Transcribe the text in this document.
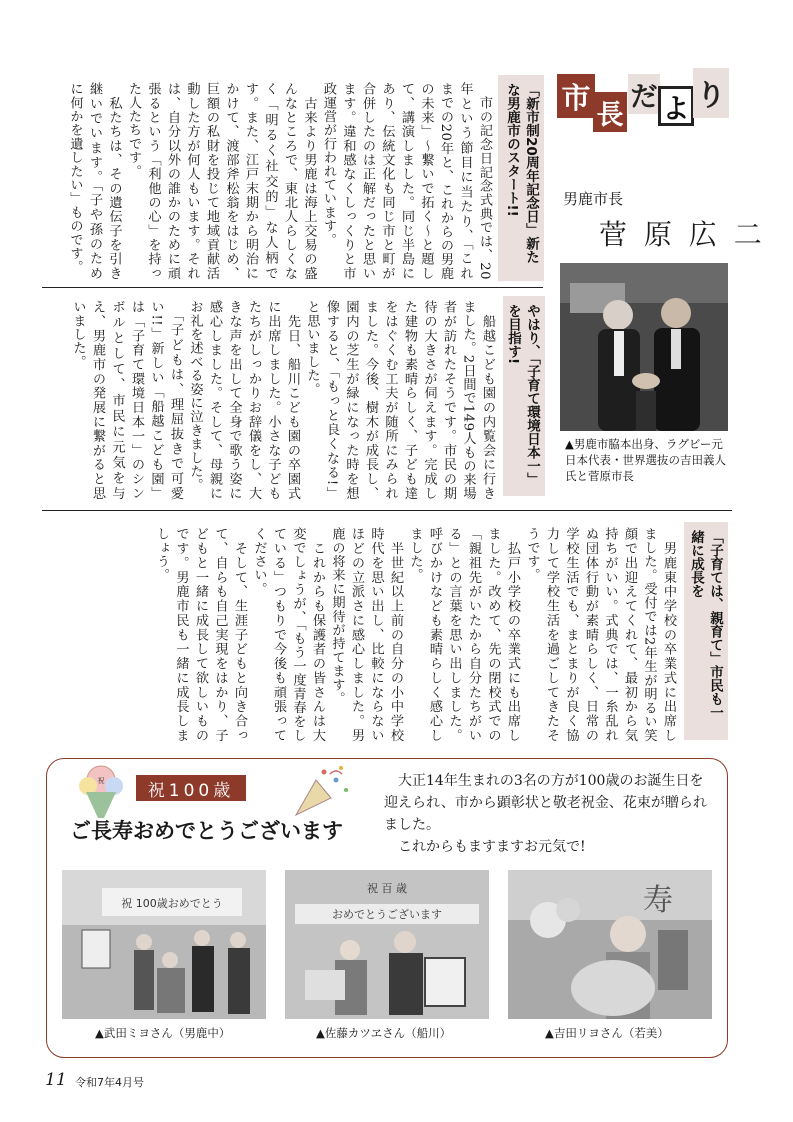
市
長
だ よ り
男鹿市長
菅 原 広 二
▲男鹿市脇本出身、ラグビー元日本代表・世界選抜の吉田義人氏と菅原市長
「新市制20周年記念日」新たな男鹿市のスタート!!
　市の記念日記念式典では、20年という節目に当たり、「これまでの20年と、これからの男鹿の未来」～繋いで拓く～と題して、講演しました。同じ半島にあり、伝統文化も同じ市と町が合併したのは正解だったと思います。違和感なくしっくりと市政運営が行われています。
　古来より男鹿は海上交易の盛んなところで、東北人らしくなく「明るく社交的」な人柄です。また、江戸末期から明治にかけて、渡部斧松翁をはじめ、巨額の私財を投じて地域貢献活動した方が何人もいます。それは、自分以外の誰かのために頑張るという「利他の心」を持った人たちです。
　私たちは、その遺伝子を引き継いでいます。「子や孫のために何かを遺したい」ものです。
やはり、「子育て環境日本一」を目指す!
　船越こども園の内覧会に行きました。2日間で149人もの来場者が訪れたそうです。市民の期待の大きさが伺えます。完成した建物も素晴らしく、子ども達をはぐくむ工夫が随所にみられました。今後、樹木が成長し、園内の芝生が緑になった時を想像すると、「もっと良くなる!」と思いました。
　先日、船川こども園の卒園式に出席しました。小さな子どもたちがしっかりお辞儀をし、大きな声を出して全身で歌う姿に感心しました。そして、母親にお礼を述べる姿に泣きました。
　「子どもは、理屈抜きで可愛い!!」新しい「船越こども園」は「子育て環境日本一」のシンボルとして、市民に元気を与え、男鹿市の発展に繋がると思いました。
「子育ては、親育て」市民も一緒に成長を
　男鹿東中学校の卒業式に出席しました。受付では2年生が明るい笑顔で出迎えてくれて、最初から気持ちがいい。式典では、一糸乱れぬ団体行動が素晴らしく、日常の学校生活でも、まとまりが良く協力して学校生活を過ごしてきたそうです。
　払戸小学校の卒業式にも出席しました。改めて、先の閉校式での「親祖先がいたから自分たちがいる」との言葉を思い出しました。呼びかけなども素晴らしく感心しました。
　半世紀以上前の自分の小中学校時代を思い出し、比較にならないほどの立派さに感心しました。男鹿の将来に期待が持てます。
　これからも保護者の皆さんは大変でしょうが、「もう一度青春をしている」つもりで今後も頑張ってください。
　そして、生涯子どもと向き合って、自らも自己実現をはかり、子どもと一緒に成長して欲しいものです。男鹿市民も一緒に成長しましょう。
祝	祝100歳
ご長寿おめでとうございます
大正14年生まれの3名の方が100歳のお誕生日を迎えられ、市から顕彰状と敬老祝金、花束が贈られました。
これからもますますお元気で!
祝 100歳おめでとう
▲武田ミヨさん（男鹿中）
祝 百 歳
おめでとうございます
▲佐藤カツヱさん（船川）
寿
▲吉田リヨさん（若美）
11 令和7年4月号
